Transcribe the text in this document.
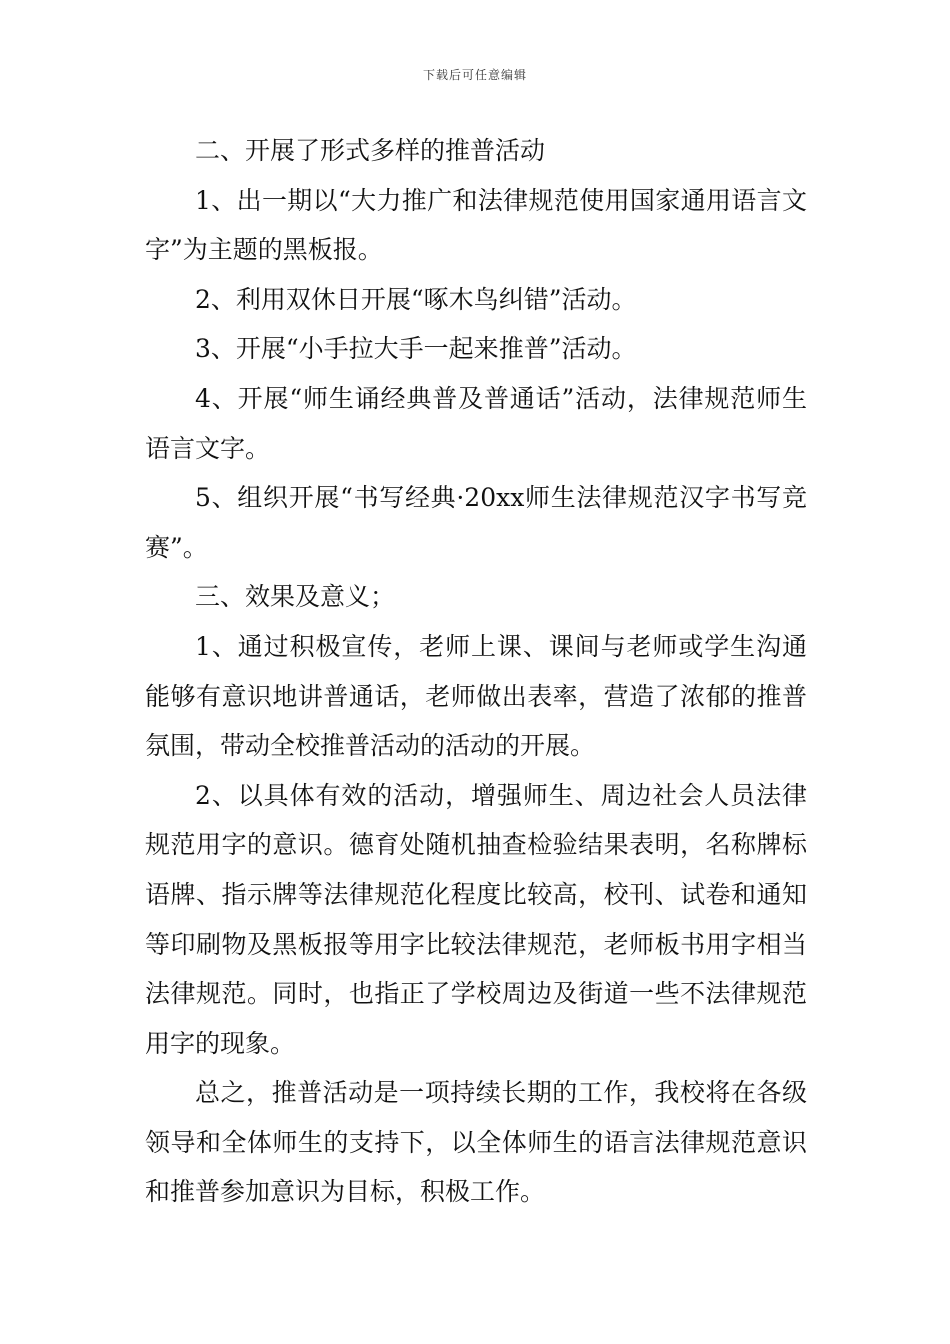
下载后可任意编辑

二、开展了形式多样的推普活动

1、出一期以“大力推广和法律规范使用国家通用语言文字”为主题的黑板报。

2、利用双休日开展“啄木鸟纠错”活动。

3、开展“小手拉大手一起来推普”活动。

4、开展“师生诵经典普及普通话”活动，法律规范师生语言文字。

5、组织开展“书写经典·20xx师生法律规范汉字书写竞赛”。

三、效果及意义；

1、通过积极宣传，老师上课、课间与老师或学生沟通能够有意识地讲普通话，老师做出表率，营造了浓郁的推普氛围，带动全校推普活动的活动的开展。

2、以具体有效的活动，增强师生、周边社会人员法律规范用字的意识。德育处随机抽查检验结果表明，名称牌标语牌、指示牌等法律规范化程度比较高，校刊、试卷和通知等印刷物及黑板报等用字比较法律规范，老师板书用字相当法律规范。同时，也指正了学校周边及街道一些不法律规范用字的现象。

总之，推普活动是一项持续长期的工作，我校将在各级领导和全体师生的支持下，以全体师生的语言法律规范意识和推普参加意识为目标，积极工作。
